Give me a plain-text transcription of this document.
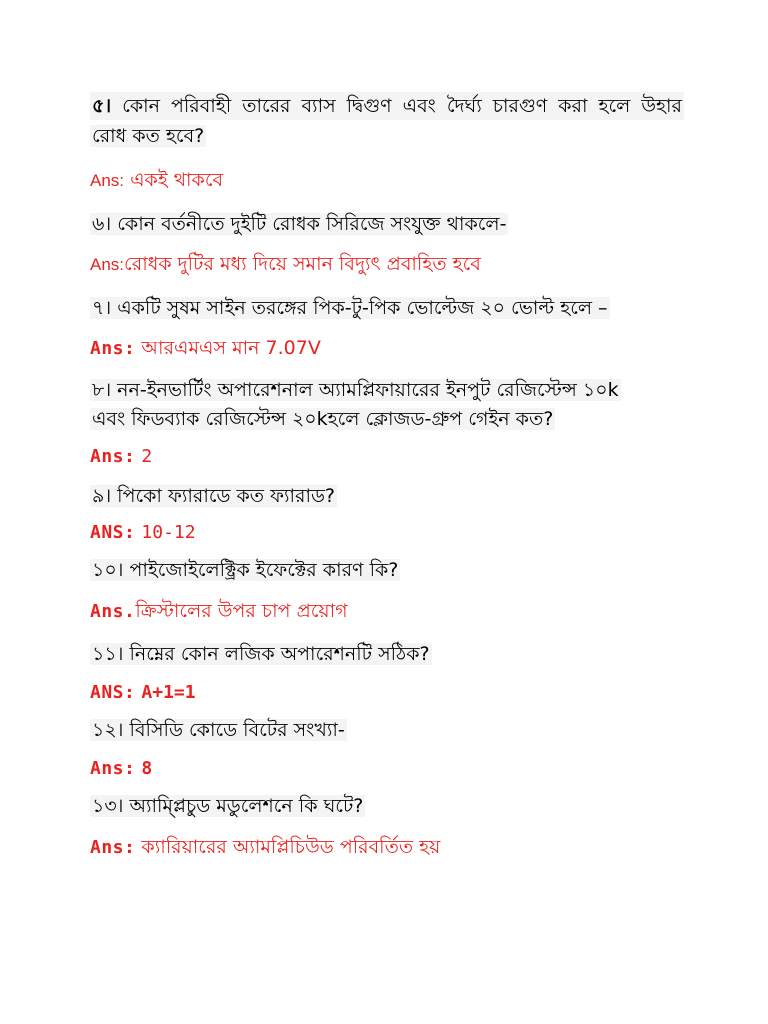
৫। কোন পরিবাহী তারের ব্যাস দ্বিগুণ এবং দৈর্ঘ্য চারগুণ করা হলে উহার
রোধ কত হবে?
Ans: একই থাকবে
৬। কোন বর্তনীতে দুইটি রোধক সিরিজে সংযুক্ত থাকলে-
Ans:রোধক দুটির মধ্য দিয়ে সমান বিদ্যুৎ প্রবাহিত হবে
৭। একটি সুষম সাইন তরঙ্গের পিক-টু-পিক ভোল্টেজ ২০ ভোল্ট হলে –
Ans: আরএমএস মান 7.07V
৮। নন-ইনভার্টিং অপারেশনাল অ্যামপ্লিফায়ারের ইনপুট রেজিস্টেন্স ১০k
এবং ফিডব্যাক রেজিস্টেন্স ২০kহলে ক্লোজড-গ্রুপ গেইন কত?
Ans: 2
৯। পিকো ফ্যারাডে কত ফ্যারাড?
ANS: 10-12
১০। পাইজোইলেক্ট্রিক ইফেক্টের কারণ কি?
Ans.ক্রিস্টালের উপর চাপ প্রয়োগ
১১। নিম্নের কোন লজিক অপারেশনটি সঠিক?
ANS: A+1=1
১২। বিসিডি কোডে বিটের সংখ্যা-
Ans: 8
১৩। অ্যাম্প্লিচুড মডুলেশনে কি ঘটে?
Ans: ক্যারিয়ারের অ্যামপ্লিচিউড পরিবর্তিত হয়
